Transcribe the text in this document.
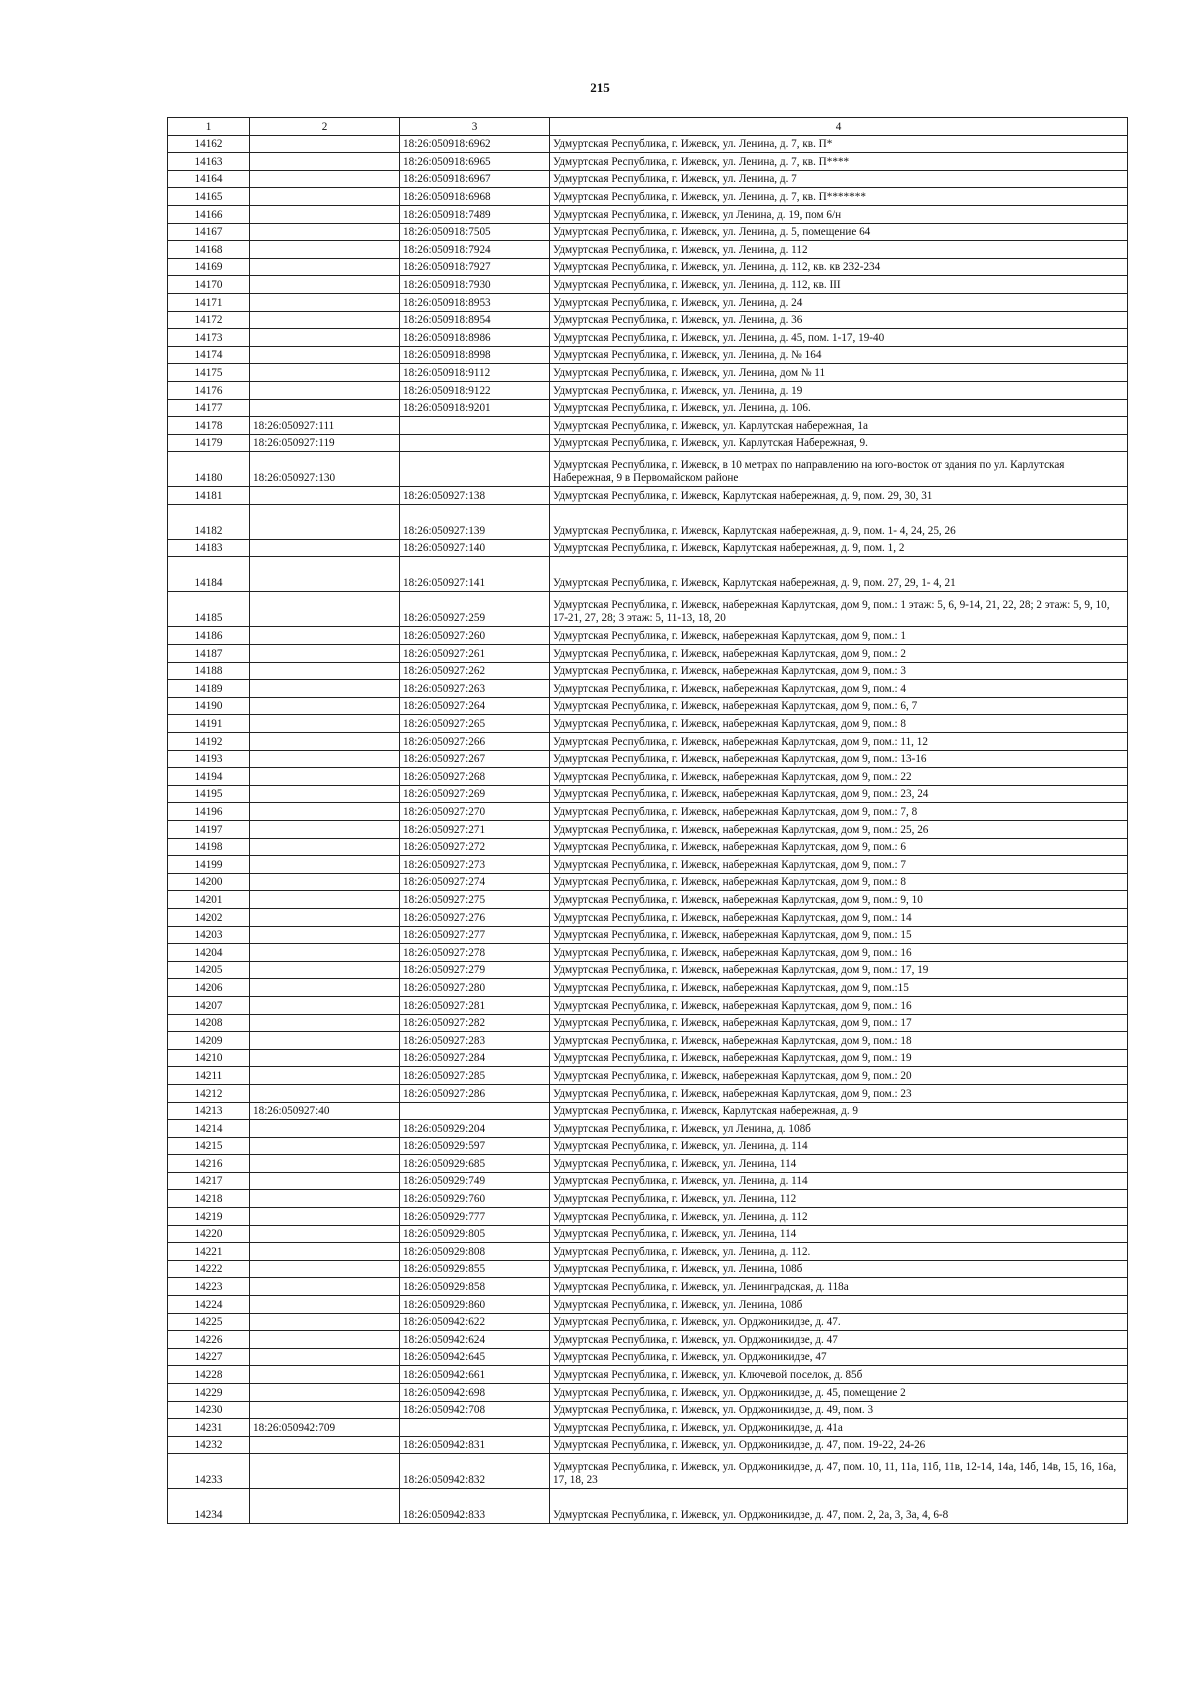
215
1	2	3	4
14162		18:26:050918:6962	Удмуртская Республика, г. Ижевск, ул. Ленина, д. 7, кв. П*
14163		18:26:050918:6965	Удмуртская Республика, г. Ижевск, ул. Ленина, д. 7, кв. П****
14164		18:26:050918:6967	Удмуртская Республика, г. Ижевск, ул. Ленина, д. 7
14165		18:26:050918:6968	Удмуртская Республика, г. Ижевск, ул. Ленина, д. 7, кв. П*******
14166		18:26:050918:7489	Удмуртская Республика, г. Ижевск, ул Ленина, д. 19, пом 6/н
14167		18:26:050918:7505	Удмуртская Республика, г. Ижевск, ул. Ленина, д. 5, помещение 64
14168		18:26:050918:7924	Удмуртская Республика, г. Ижевск, ул. Ленина, д. 112
14169		18:26:050918:7927	Удмуртская Республика, г. Ижевск, ул. Ленина, д. 112, кв. кв 232-234
14170		18:26:050918:7930	Удмуртская Республика, г. Ижевск, ул. Ленина, д. 112, кв. III
14171		18:26:050918:8953	Удмуртская Республика, г. Ижевск, ул. Ленина, д. 24
14172		18:26:050918:8954	Удмуртская Республика, г. Ижевск, ул. Ленина, д. 36
14173		18:26:050918:8986	Удмуртская Республика, г. Ижевск, ул. Ленина, д. 45, пом. 1-17, 19-40
14174		18:26:050918:8998	Удмуртская Республика, г. Ижевск, ул. Ленина, д. № 164
14175		18:26:050918:9112	Удмуртская Республика, г. Ижевск, ул. Ленина, дом № 11
14176		18:26:050918:9122	Удмуртская Республика, г. Ижевск, ул. Ленина, д. 19
14177		18:26:050918:9201	Удмуртская Республика, г. Ижевск, ул. Ленина, д. 106.
14178	18:26:050927:111		Удмуртская Республика, г. Ижевск, ул. Карлутская набережная, 1а
14179	18:26:050927:119		Удмуртская Республика, г. Ижевск, ул. Карлутская Набережная, 9.
14180	18:26:050927:130		Удмуртская Республика, г. Ижевск, в 10 метрах по направлению на юго-восток от здания по ул. Карлутская Набережная, 9 в Первомайском районе
14181		18:26:050927:138	Удмуртская Республика, г. Ижевск, Карлутская набережная, д. 9, пом. 29, 30, 31
14182		18:26:050927:139	Удмуртская Республика, г. Ижевск, Карлутская набережная, д. 9, пом. 1- 4, 24, 25, 26
14183		18:26:050927:140	Удмуртская Республика, г. Ижевск, Карлутская набережная, д. 9, пом. 1, 2
14184		18:26:050927:141	Удмуртская Республика, г. Ижевск, Карлутская набережная, д. 9, пом. 27, 29, 1- 4, 21
14185		18:26:050927:259	Удмуртская Республика, г. Ижевск, набережная Карлутская, дом 9, пом.: 1 этаж: 5, 6, 9-14, 21, 22, 28; 2 этаж: 5, 9, 10, 17-21, 27, 28; 3 этаж: 5, 11-13, 18, 20
14186		18:26:050927:260	Удмуртская Республика, г. Ижевск, набережная Карлутская, дом 9, пом.: 1
14187		18:26:050927:261	Удмуртская Республика, г. Ижевск, набережная Карлутская, дом 9, пом.: 2
14188		18:26:050927:262	Удмуртская Республика, г. Ижевск, набережная Карлутская, дом 9, пом.: 3
14189		18:26:050927:263	Удмуртская Республика, г. Ижевск, набережная Карлутская, дом 9, пом.: 4
14190		18:26:050927:264	Удмуртская Республика, г. Ижевск, набережная Карлутская, дом 9, пом.: 6, 7
14191		18:26:050927:265	Удмуртская Республика, г. Ижевск, набережная Карлутская, дом 9, пом.: 8
14192		18:26:050927:266	Удмуртская Республика, г. Ижевск, набережная Карлутская, дом 9, пом.: 11, 12
14193		18:26:050927:267	Удмуртская Республика, г. Ижевск, набережная Карлутская, дом 9, пом.: 13-16
14194		18:26:050927:268	Удмуртская Республика, г. Ижевск, набережная Карлутская, дом 9, пом.: 22
14195		18:26:050927:269	Удмуртская Республика, г. Ижевск, набережная Карлутская, дом 9, пом.: 23, 24
14196		18:26:050927:270	Удмуртская Республика, г. Ижевск, набережная Карлутская, дом 9, пом.: 7, 8
14197		18:26:050927:271	Удмуртская Республика, г. Ижевск, набережная Карлутская, дом 9, пом.: 25, 26
14198		18:26:050927:272	Удмуртская Республика, г. Ижевск, набережная Карлутская, дом 9, пом.: 6
14199		18:26:050927:273	Удмуртская Республика, г. Ижевск, набережная Карлутская, дом 9, пом.: 7
14200		18:26:050927:274	Удмуртская Республика, г. Ижевск, набережная Карлутская, дом 9, пом.: 8
14201		18:26:050927:275	Удмуртская Республика, г. Ижевск, набережная Карлутская, дом 9, пом.: 9, 10
14202		18:26:050927:276	Удмуртская Республика, г. Ижевск, набережная Карлутская, дом 9, пом.: 14
14203		18:26:050927:277	Удмуртская Республика, г. Ижевск, набережная Карлутская, дом 9, пом.: 15
14204		18:26:050927:278	Удмуртская Республика, г. Ижевск, набережная Карлутская, дом 9, пом.: 16
14205		18:26:050927:279	Удмуртская Республика, г. Ижевск, набережная Карлутская, дом 9, пом.: 17, 19
14206		18:26:050927:280	Удмуртская Республика, г. Ижевск, набережная Карлутская, дом 9, пом.:15
14207		18:26:050927:281	Удмуртская Республика, г. Ижевск, набережная Карлутская, дом 9, пом.: 16
14208		18:26:050927:282	Удмуртская Республика, г. Ижевск, набережная Карлутская, дом 9, пом.: 17
14209		18:26:050927:283	Удмуртская Республика, г. Ижевск, набережная Карлутская, дом 9, пом.: 18
14210		18:26:050927:284	Удмуртская Республика, г. Ижевск, набережная Карлутская, дом 9, пом.: 19
14211		18:26:050927:285	Удмуртская Республика, г. Ижевск, набережная Карлутская, дом 9, пом.: 20
14212		18:26:050927:286	Удмуртская Республика, г. Ижевск, набережная Карлутская, дом 9, пом.: 23
14213	18:26:050927:40		Удмуртская Республика, г. Ижевск, Карлутская набережная, д. 9
14214		18:26:050929:204	Удмуртская Республика, г. Ижевск, ул Ленина, д. 108б
14215		18:26:050929:597	Удмуртская Республика, г. Ижевск, ул. Ленина, д. 114
14216		18:26:050929:685	Удмуртская Республика, г. Ижевск, ул. Ленина, 114
14217		18:26:050929:749	Удмуртская Республика, г. Ижевск, ул. Ленина, д. 114
14218		18:26:050929:760	Удмуртская Республика, г. Ижевск, ул. Ленина, 112
14219		18:26:050929:777	Удмуртская Республика, г. Ижевск, ул. Ленина, д. 112
14220		18:26:050929:805	Удмуртская Республика, г. Ижевск, ул. Ленина, 114
14221		18:26:050929:808	Удмуртская Республика, г. Ижевск, ул. Ленина, д. 112.
14222		18:26:050929:855	Удмуртская Республика, г. Ижевск, ул. Ленина, 108б
14223		18:26:050929:858	Удмуртская Республика, г. Ижевск, ул. Ленинградская, д. 118а
14224		18:26:050929:860	Удмуртская Республика, г. Ижевск, ул. Ленина, 108б
14225		18:26:050942:622	Удмуртская Республика, г. Ижевск, ул. Орджоникидзе, д. 47.
14226		18:26:050942:624	Удмуртская Республика, г. Ижевск, ул. Орджоникидзе, д. 47
14227		18:26:050942:645	Удмуртская Республика, г. Ижевск, ул. Орджоникидзе, 47
14228		18:26:050942:661	Удмуртская Республика, г. Ижевск, ул. Ключевой поселок, д. 85б
14229		18:26:050942:698	Удмуртская Республика, г. Ижевск, ул. Орджоникидзе, д. 45, помещение 2
14230		18:26:050942:708	Удмуртская Республика, г. Ижевск, ул. Орджоникидзе, д. 49, пом. 3
14231	18:26:050942:709		Удмуртская Республика, г. Ижевск, ул. Орджоникидзе, д. 41а
14232		18:26:050942:831	Удмуртская Республика, г. Ижевск, ул. Орджоникидзе, д. 47, пом. 19-22, 24-26
14233		18:26:050942:832	Удмуртская Республика, г. Ижевск, ул. Орджоникидзе, д. 47, пом. 10, 11, 11а, 11б, 11в, 12-14, 14а, 14б, 14в, 15, 16, 16а, 17, 18, 23
14234		18:26:050942:833	Удмуртская Республика, г. Ижевск, ул. Орджоникидзе, д. 47, пом. 2, 2а, 3, 3а, 4, 6-8
